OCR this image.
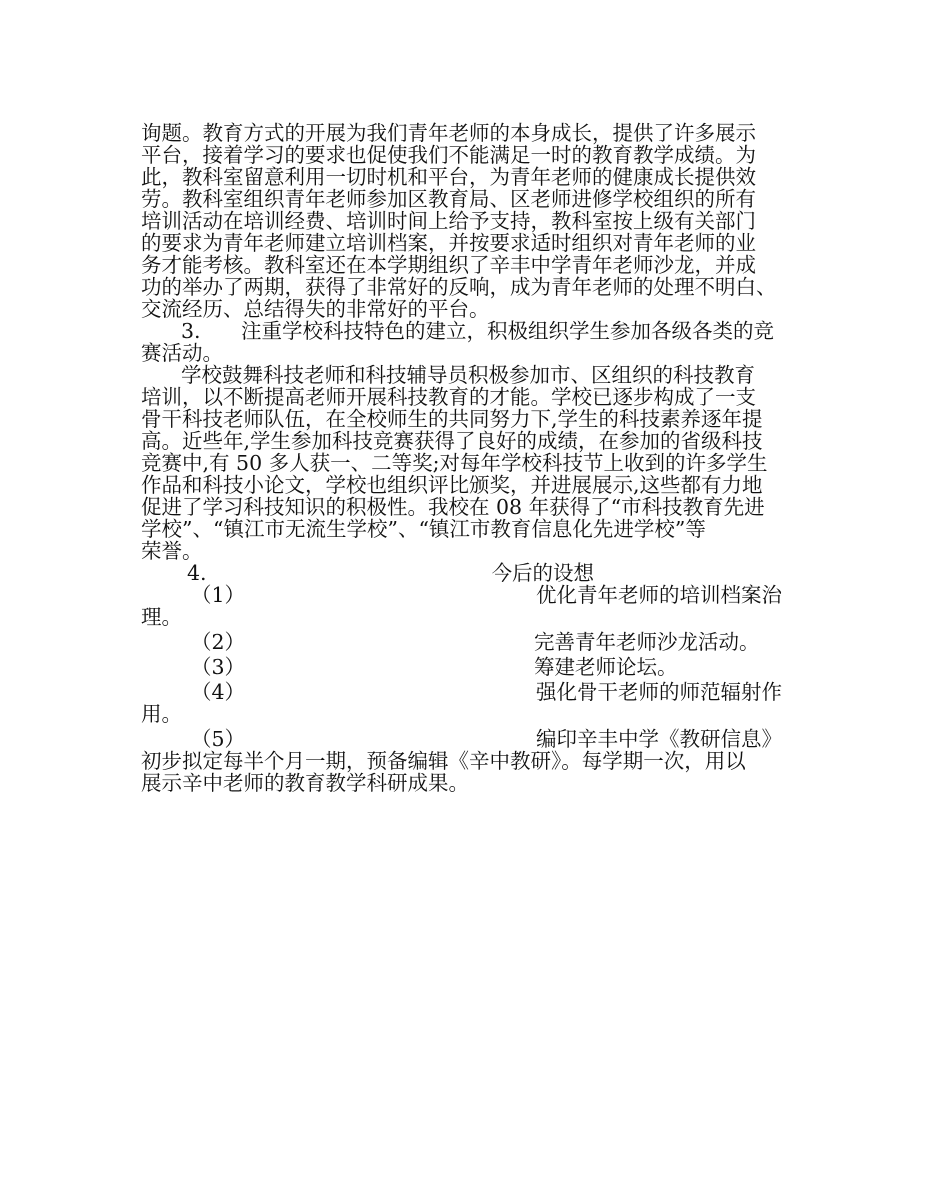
询题。教育方式的开展为我们青年老师的本身成长，提供了许多展示
平台，接着学习的要求也促使我们不能满足一时的教育教学成绩。为
此，教科室留意利用一切时机和平台，为青年老师的健康成长提供效
劳。教科室组织青年老师参加区教育局、区老师进修学校组织的所有
培训活动在培训经费、培训时间上给予支持，教科室按上级有关部门
的要求为青年老师建立培训档案，并按要求适时组织对青年老师的业
务才能考核。教科室还在本学期组织了辛丰中学青年老师沙龙，并成
功的举办了两期，获得了非常好的反响，成为青年老师的处理不明白、
交流经历、总结得失的非常好的平台。
3. 注重学校科技特色的建立，积极组织学生参加各级各类的竞
赛活动。
学校鼓舞科技老师和科技辅导员积极参加市、区组织的科技教育
培训，以不断提高老师开展科技教育的才能。学校已逐步构成了一支
骨干科技老师队伍，在全校师生的共同努力下,学生的科技素养逐年提
高。近些年,学生参加科技竞赛获得了良好的成绩，在参加的省级科技
竞赛中,有 50 多人获一、二等奖;对每年学校科技节上收到的许多学生
作品和科技小论文，学校也组织评比颁奖，并进展展示,这些都有力地
促进了学习科技知识的积极性。我校在 08 年获得了“市科技教育先进
学校”、“镇江市无流生学校”、“镇江市教育信息化先进学校”等
荣誉。
4.	今后的设想
（1）	优化青年老师的培训档案治
理。
（2）	完善青年老师沙龙活动。
（3）	筹建老师论坛。
（4）	强化骨干老师的师范辐射作
用。
（5）	编印辛丰中学《教研信息》
初步拟定每半个月一期，预备编辑《辛中教研》。每学期一次，用以
展示辛中老师的教育教学科研成果。
